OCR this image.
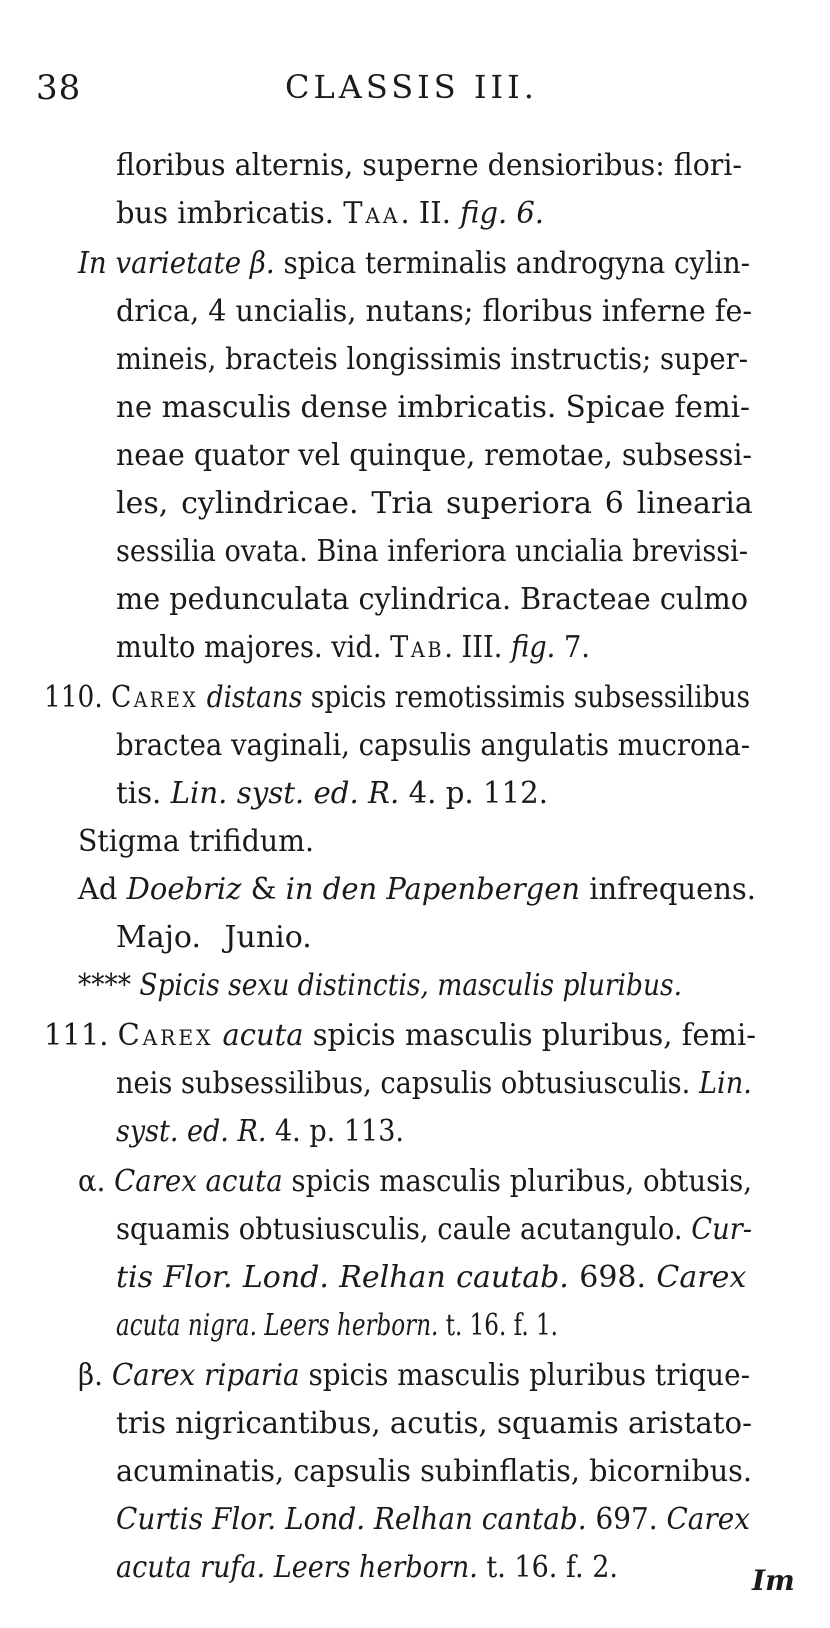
38	CLASSIS III.
floribus alternis, superne densioribus: flori-
bus imbricatis. Taa. II. fig. 6.
In varietate β. spica terminalis androgyna cylin-
drica, 4 uncialis, nutans; floribus inferne fe-
mineis, bracteis longissimis instructis; super-
ne masculis dense imbricatis. Spicae femi-
neae quator vel quinque, remotae, subsessi-
les, cylindricae. Tria superiora 6 linearia
sessilia ovata. Bina inferiora uncialia brevissi-
me pedunculata cylindrica. Bracteae culmo
multo majores. vid. Tab. III. fig. 7.
110. Carex distans spicis remotissimis subsessilibus
bractea vaginali, capsulis angulatis mucrona-
tis. Lin. syst. ed. R. 4. p. 112.
Stigma trifidum.
Ad Doebriz & in den Papenbergen infrequens.
Majo. Junio.
**** Spicis sexu distinctis, masculis pluribus.
111. Carex acuta spicis masculis pluribus, femi-
neis subsessilibus, capsulis obtusiusculis. Lin.
syst. ed. R. 4. p. 113.
α. Carex acuta spicis masculis pluribus, obtusis,
squamis obtusiusculis, caule acutangulo. Cur-
tis Flor. Lond. Relhan cautab. 698. Carex
acuta nigra. Leers herborn. t. 16. f. 1.
β. Carex riparia spicis masculis pluribus trique-
tris nigricantibus, acutis, squamis aristato-
acuminatis, capsulis subinflatis, bicornibus.
Curtis Flor. Lond. Relhan cantab. 697. Carex
acuta rufa. Leers herborn. t. 16. f. 2.	Im
